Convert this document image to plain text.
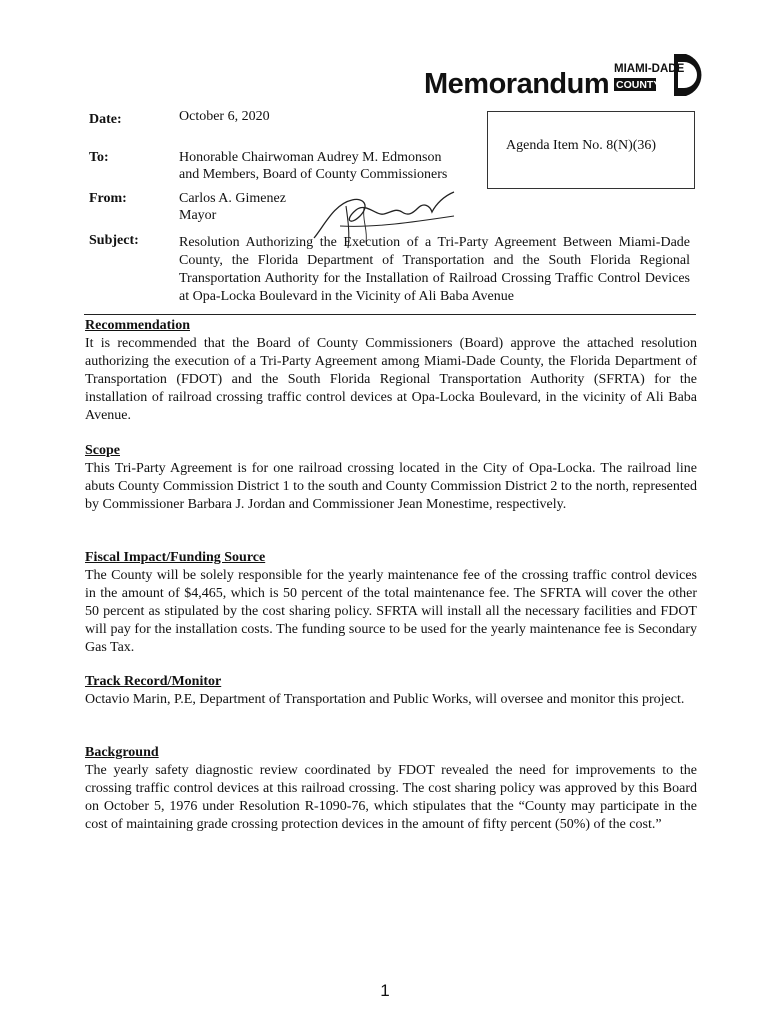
Memorandum MIAMI-DADE
COUNTY
Agenda Item No. 8(N)(36)
Date:	October 6, 2020
To:	Honorable Chairwoman Audrey M. Edmonson
and Members, Board of County Commissioners
From:	Carlos A. Gimenez
Mayor
Subject:	Resolution Authorizing the Execution of a Tri-Party Agreement Between Miami-Dade County, the Florida Department of Transportation and the South Florida Regional Transportation Authority for the Installation of Railroad Crossing Traffic Control Devices at Opa-Locka Boulevard in the Vicinity of Ali Baba Avenue
Recommendation

It is recommended that the Board of County Commissioners (Board) approve the attached resolution authorizing the execution of a Tri-Party Agreement among Miami-Dade County, the Florida Department of Transportation (FDOT) and the South Florida Regional Transportation Authority (SFRTA) for the installation of railroad crossing traffic control devices at Opa-Locka Boulevard, in the vicinity of Ali Baba Avenue.

Scope

This Tri-Party Agreement is for one railroad crossing located in the City of Opa-Locka. The railroad line abuts County Commission District 1 to the south and County Commission District 2 to the north, represented by Commissioner Barbara J. Jordan and Commissioner Jean Monestime, respectively.

Fiscal Impact/Funding Source

The County will be solely responsible for the yearly maintenance fee of the crossing traffic control devices in the amount of $4,465, which is 50 percent of the total maintenance fee. The SFRTA will cover the other 50 percent as stipulated by the cost sharing policy. SFRTA will install all the necessary facilities and FDOT will pay for the installation costs. The funding source to be used for the yearly maintenance fee is Secondary Gas Tax.

Track Record/Monitor

Octavio Marin, P.E, Department of Transportation and Public Works, will oversee and monitor this project.

Background

The yearly safety diagnostic review coordinated by FDOT revealed the need for improvements to the crossing traffic control devices at this railroad crossing. The cost sharing policy was approved by this Board on October 5, 1976 under Resolution R-1090-76, which stipulates that the “County may participate in the cost of maintaining grade crossing protection devices in the amount of fifty percent (50%) of the cost.”

1
